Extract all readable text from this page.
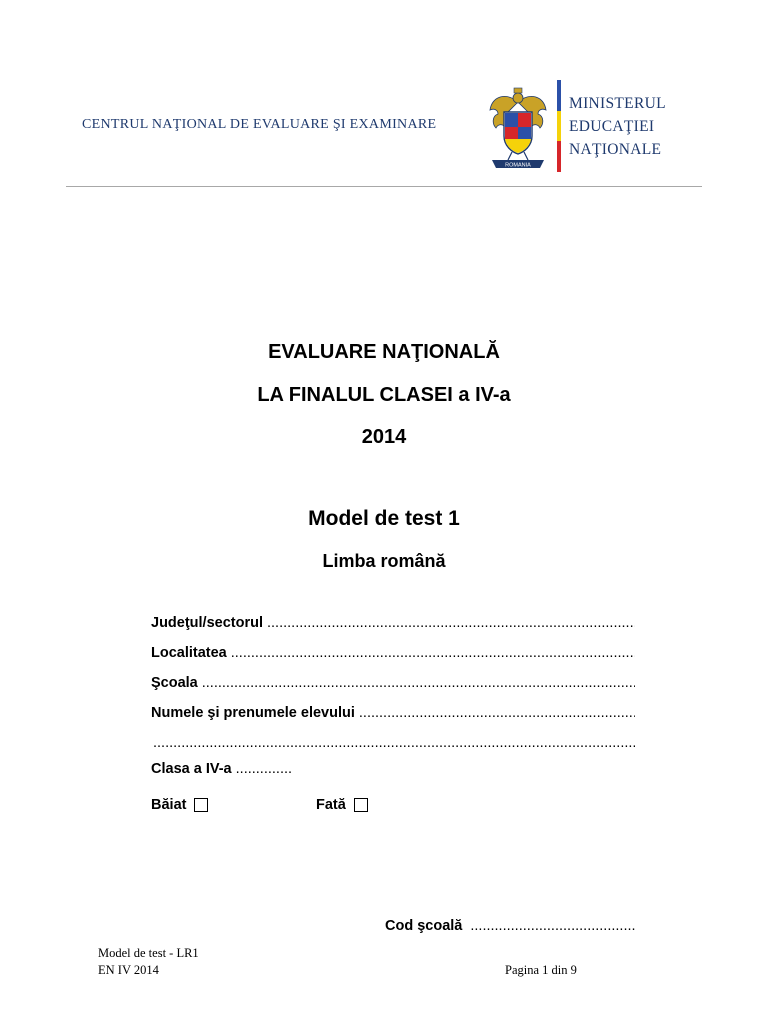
CENTRUL NAŢIONAL DE EVALUARE ŞI EXAMINARE
ROMANIA
MINISTERUL
EDUCAŢIEI
NAŢIONALE
EVALUARE NAŢIONALĂ
LA FINALUL CLASEI a IV-a
2014
Model de test 1
Limba română
Judeţul/sectorul
.....
Localitatea
.....
Şcoala
.....
Numele şi prenumele elevului
.....
.....
Clasa a IV-a ..............
Băiat	Fată
Cod şcoală
.....
Model de test - LR1
EN IV 2014	Pagina 1 din 9
